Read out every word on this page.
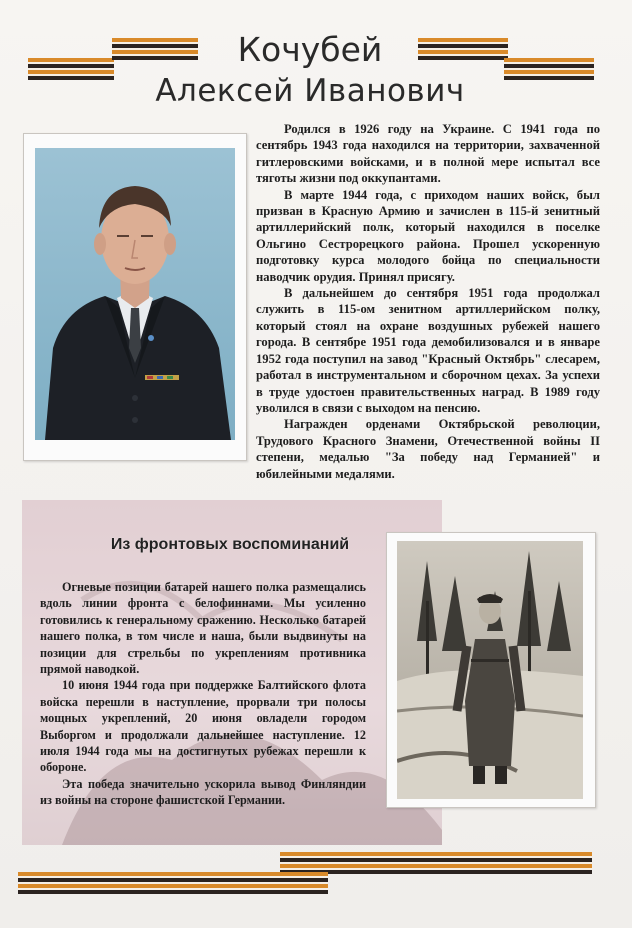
Кочубей
Алексей Иванович

Родился в 1926 году на Украине. С 1941 года по сентябрь 1943 года находился на территории, захваченной гитлеровскими войсками, и в полной мере испытал все тяготы жизни под оккупантами.

В марте 1944 года, с приходом наших войск, был призван в Красную Армию и зачислен в 115-й зенитный артиллерийский полк, который находился в поселке Ольгино Сестрорецкого района. Прошел ускоренную подготовку курса молодого бойца по специальности наводчик орудия. Принял присягу.

В дальнейшем до сентября 1951 года продолжал служить в 115-ом зенитном артиллерийском полку, который стоял на охране воздушных рубежей нашего города. В сентябре 1951 года демобилизовался и в январе 1952 года поступил на завод "Красный Октябрь" слесарем, работал в инструментальном и сборочном цехах. За успехи в труде удостоен правительственных наград. В 1989 году уволился в связи с выходом на пенсию.

Награжден орденами Октябрьской революции, Трудового Красного Знамени, Отечественной войны II степени, медалью "За победу над Германией" и юбилейными медалями.

Из фронтовых воспоминаний

Огневые позиции батарей нашего полка размещались вдоль линии фронта с белофиннами. Мы усиленно готовились к генеральному сражению. Несколько батарей нашего полка, в том числе и наша, были выдвинуты на позиции для стрельбы по укреплениям противника прямой наводкой.

10 июня 1944 года при поддержке Балтийского флота войска перешли в наступление, прорвали три полосы мощных укреплений, 20 июня овладели городом Выборгом и продолжали дальнейшее наступление. 12 июля 1944 года мы на достигнутых рубежах перешли к обороне.

Эта победа значительно ускорила вывод Финляндии из войны на стороне фашистской Германии.
